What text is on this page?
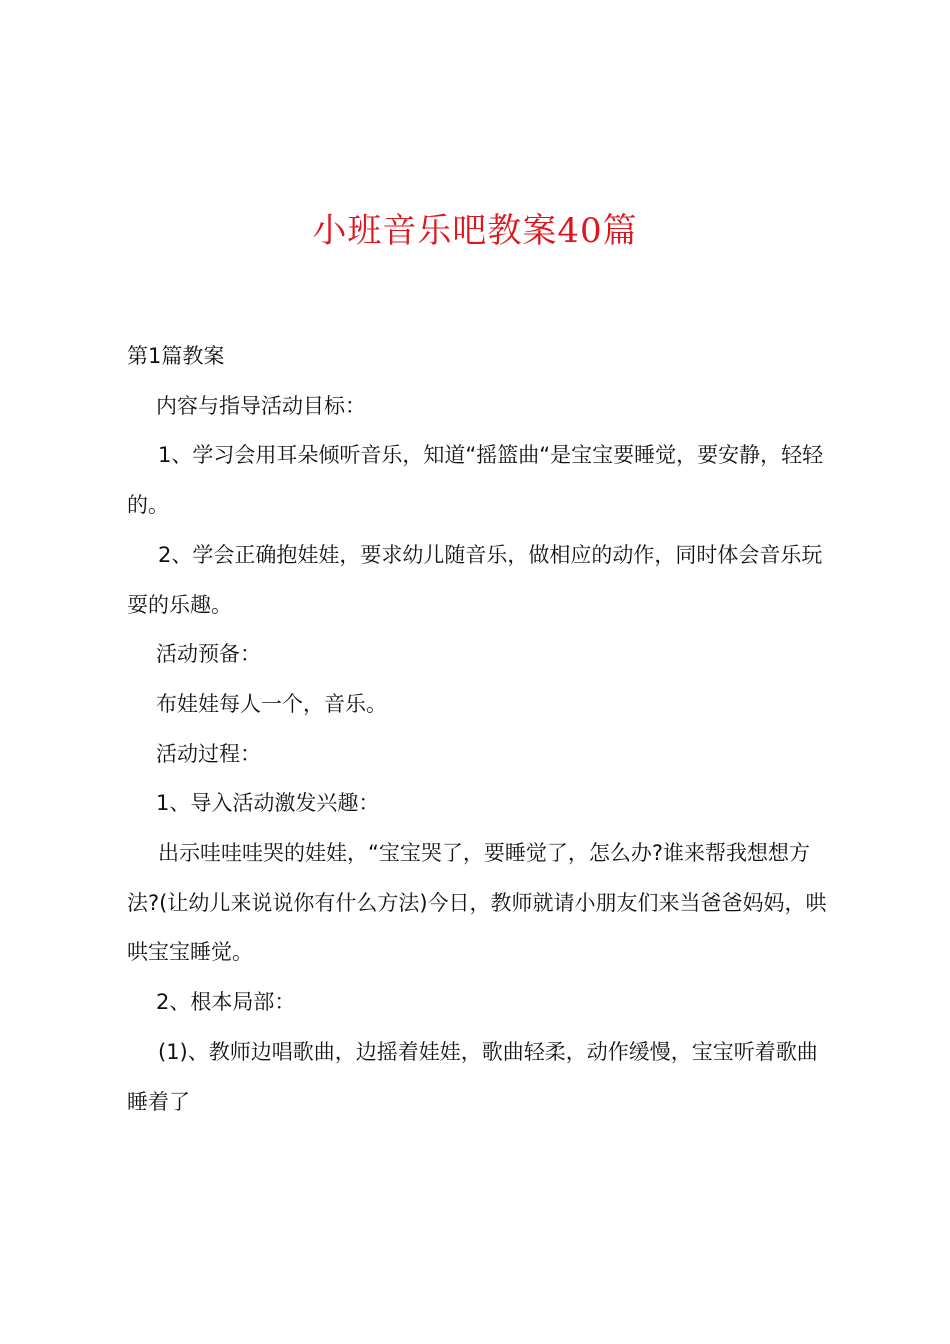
小班音乐吧教案40篇

第1篇教案

内容与指导活动目标：

1、学习会用耳朵倾听音乐，知道“摇篮曲“是宝宝要睡觉，要安静，轻轻的。

2、学会正确抱娃娃，要求幼儿随音乐，做相应的动作，同时体会音乐玩耍的乐趣。

活动预备：

布娃娃每人一个，音乐。

活动过程：

1、导入活动激发兴趣：

出示哇哇哇哭的娃娃，“宝宝哭了，要睡觉了，怎么办?谁来帮我想想方法?(让幼儿来说说你有什么方法)今日，教师就请小朋友们来当爸爸妈妈，哄哄宝宝睡觉。

2、根本局部：

(1)、教师边唱歌曲，边摇着娃娃，歌曲轻柔，动作缓慢，宝宝听着歌曲睡着了
